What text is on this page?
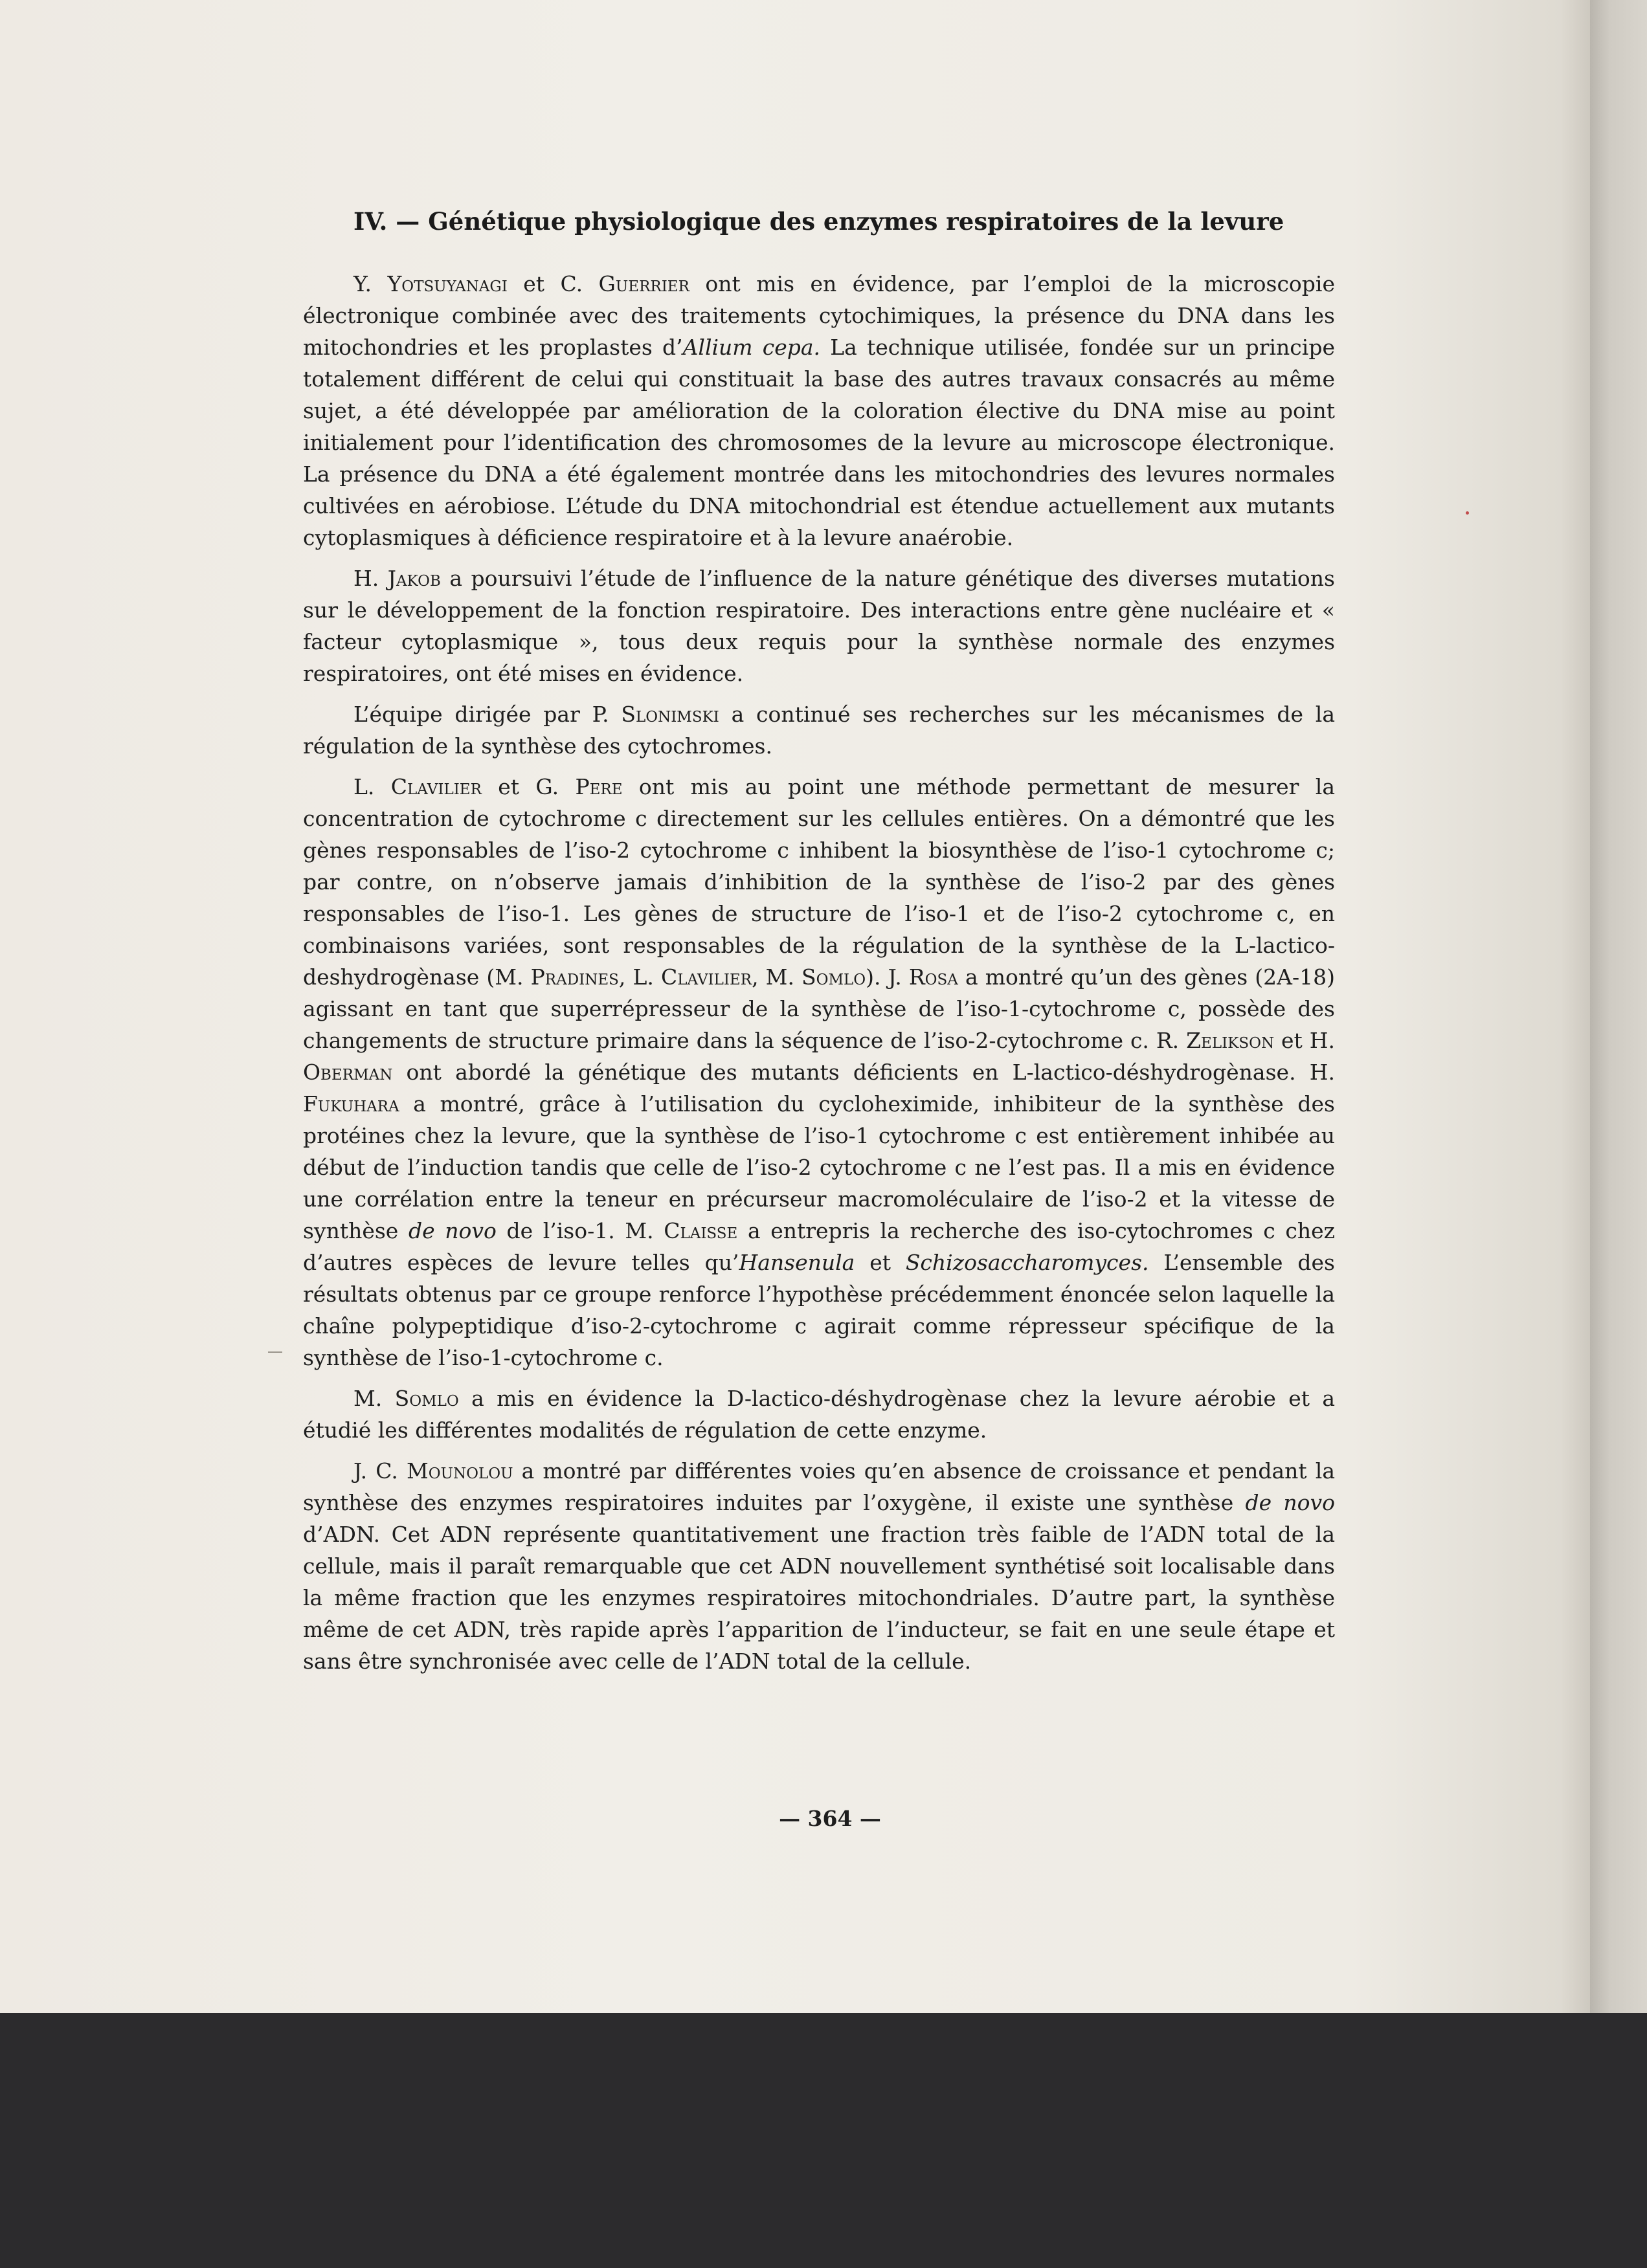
IV. — Génétique physiologique des enzymes respiratoires de la levure

Y. Yotsuyanagi et C. Guerrier ont mis en évidence, par l’emploi de la microscopie électronique combinée avec des traitements cytochimiques, la présence du DNA dans les mitochondries et les proplastes d’Allium cepa. La technique utilisée, fondée sur un principe totalement différent de celui qui constituait la base des autres travaux consacrés au même sujet, a été développée par amélioration de la coloration élective du DNA mise au point initialement pour l’identification des chromosomes de la levure au microscope électronique. La présence du DNA a été également montrée dans les mitochondries des levures normales cultivées en aérobiose. L’étude du DNA mitochondrial est étendue actuellement aux mutants cytoplasmiques à déficience respiratoire et à la levure anaérobie.

H. Jakob a poursuivi l’étude de l’influence de la nature génétique des diverses mutations sur le développement de la fonction respiratoire. Des interactions entre gène nucléaire et « facteur cytoplasmique », tous deux requis pour la synthèse normale des enzymes respiratoires, ont été mises en évidence.

L’équipe dirigée par P. Slonimski a continué ses recherches sur les mécanismes de la régulation de la synthèse des cytochromes.

L. Clavilier et G. Pere ont mis au point une méthode permettant de mesurer la concentration de cytochrome c directement sur les cellules entières. On a démontré que les gènes responsables de l’iso-2 cytochrome c inhibent la biosynthèse de l’iso-1 cytochrome c; par contre, on n’observe jamais d’inhibition de la synthèse de l’iso-2 par des gènes responsables de l’iso-1. Les gènes de structure de l’iso-1 et de l’iso-2 cytochrome c, en combinaisons variées, sont responsables de la régulation de la synthèse de la L-lactico-deshydrogènase (M. Pradines, L. Clavilier, M. Somlo). J. Rosa a montré qu’un des gènes (2A-18) agissant en tant que superrépresseur de la synthèse de l’iso-1-cytochrome c, possède des changements de structure primaire dans la séquence de l’iso-2-cytochrome c. R. Zelikson et H. Oberman ont abordé la génétique des mutants déficients en L-lactico-déshydrogènase. H. Fukuhara a montré, grâce à l’utilisation du cycloheximide, inhibiteur de la synthèse des protéines chez la levure, que la synthèse de l’iso-1 cytochrome c est entièrement inhibée au début de l’induction tandis que celle de l’iso-2 cytochrome c ne l’est pas. Il a mis en évidence une corrélation entre la teneur en précurseur macromoléculaire de l’iso-2 et la vitesse de synthèse de novo de l’iso-1. M. Claisse a entrepris la recherche des iso-cytochromes c chez d’autres espèces de levure telles qu’Hansenula et Schizosaccharomyces. L’ensemble des résultats obtenus par ce groupe renforce l’hypothèse précédemment énoncée selon laquelle la chaîne polypeptidique d’iso-2-cytochrome c agirait comme répresseur spécifique de la synthèse de l’iso-1-cytochrome c.

M. Somlo a mis en évidence la D-lactico-déshydrogènase chez la levure aérobie et a étudié les différentes modalités de régulation de cette enzyme.

J. C. Mounolou a montré par différentes voies qu’en absence de croissance et pendant la synthèse des enzymes respiratoires induites par l’oxygène, il existe une synthèse de novo d’ADN. Cet ADN représente quantitativement une fraction très faible de l’ADN total de la cellule, mais il paraît remarquable que cet ADN nouvellement synthétisé soit localisable dans la même fraction que les enzymes respiratoires mitochondriales. D’autre part, la synthèse même de cet ADN, très rapide après l’apparition de l’inducteur, se fait en une seule étape et sans être synchronisée avec celle de l’ADN total de la cellule.

— 364 —
